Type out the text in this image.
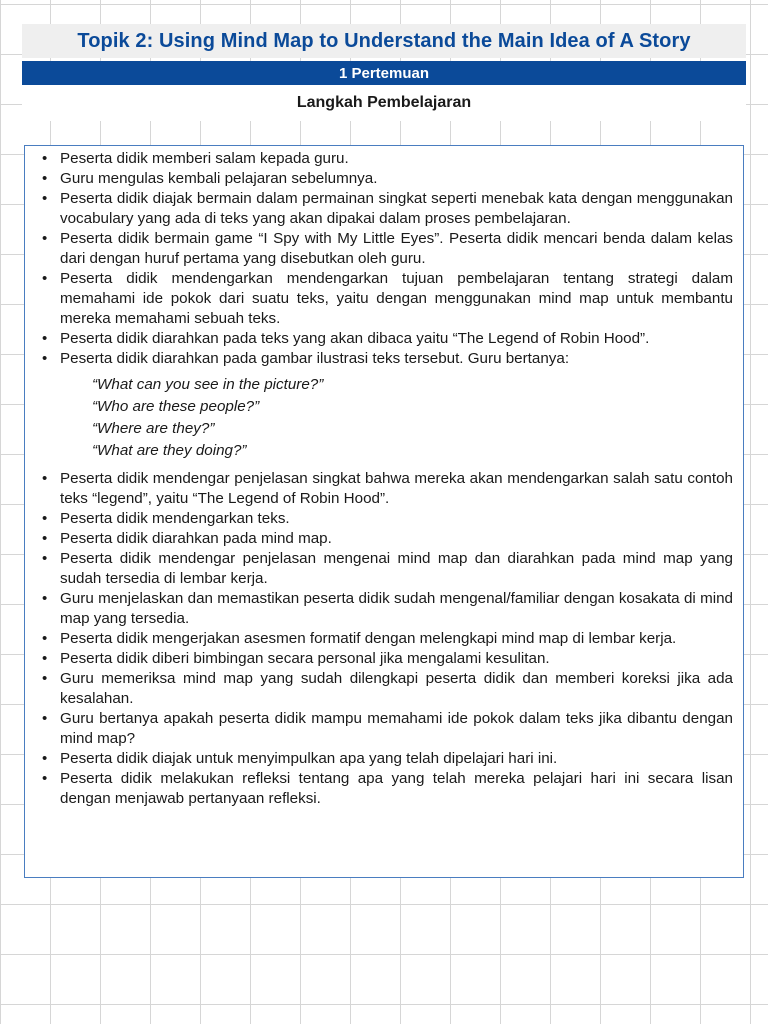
Topik 2: Using Mind Map to Understand the Main Idea of A Story
1 Pertemuan
Langkah Pembelajaran
• Peserta didik memberi salam kepada guru.
• Guru mengulas kembali pelajaran sebelumnya.
• Peserta didik diajak bermain dalam permainan singkat seperti menebak kata dengan menggunakan vocabulary yang ada di teks yang akan dipakai dalam proses pembelajaran.
• Peserta didik bermain game “I Spy with My Little Eyes”. Peserta didik mencari benda dalam kelas dari dengan huruf pertama yang disebutkan oleh guru.
• Peserta didik mendengarkan mendengarkan tujuan pembelajaran tentang strategi dalam memahami ide pokok dari suatu teks, yaitu dengan menggunakan mind map untuk membantu mereka memahami sebuah teks.
• Peserta didik diarahkan pada teks yang akan dibaca yaitu “The Legend of Robin Hood”.
• Peserta didik diarahkan pada gambar ilustrasi teks tersebut. Guru bertanya:
“What can you see in the picture?”
“Who are these people?”
“Where are they?”
“What are they doing?”
• Peserta didik mendengar penjelasan singkat bahwa mereka akan mendengarkan salah satu contoh teks “legend”, yaitu “The Legend of Robin Hood”.
• Peserta didik mendengarkan teks.
• Peserta didik diarahkan pada mind map.
• Peserta didik mendengar penjelasan mengenai mind map dan diarahkan pada mind map yang sudah tersedia di lembar kerja.
• Guru menjelaskan dan memastikan peserta didik sudah mengenal/familiar dengan kosakata di mind map yang tersedia.
• Peserta didik mengerjakan asesmen formatif dengan melengkapi mind map di lembar kerja.
• Peserta didik diberi bimbingan secara personal jika mengalami kesulitan.
• Guru memeriksa mind map yang sudah dilengkapi peserta didik dan memberi koreksi jika ada kesalahan.
• Guru bertanya apakah peserta didik mampu memahami ide pokok dalam teks jika dibantu dengan mind map?
• Peserta didik diajak untuk menyimpulkan apa yang telah dipelajari hari ini.
• Peserta didik melakukan refleksi tentang apa yang telah mereka pelajari hari ini secara lisan dengan menjawab pertanyaan refleksi.
